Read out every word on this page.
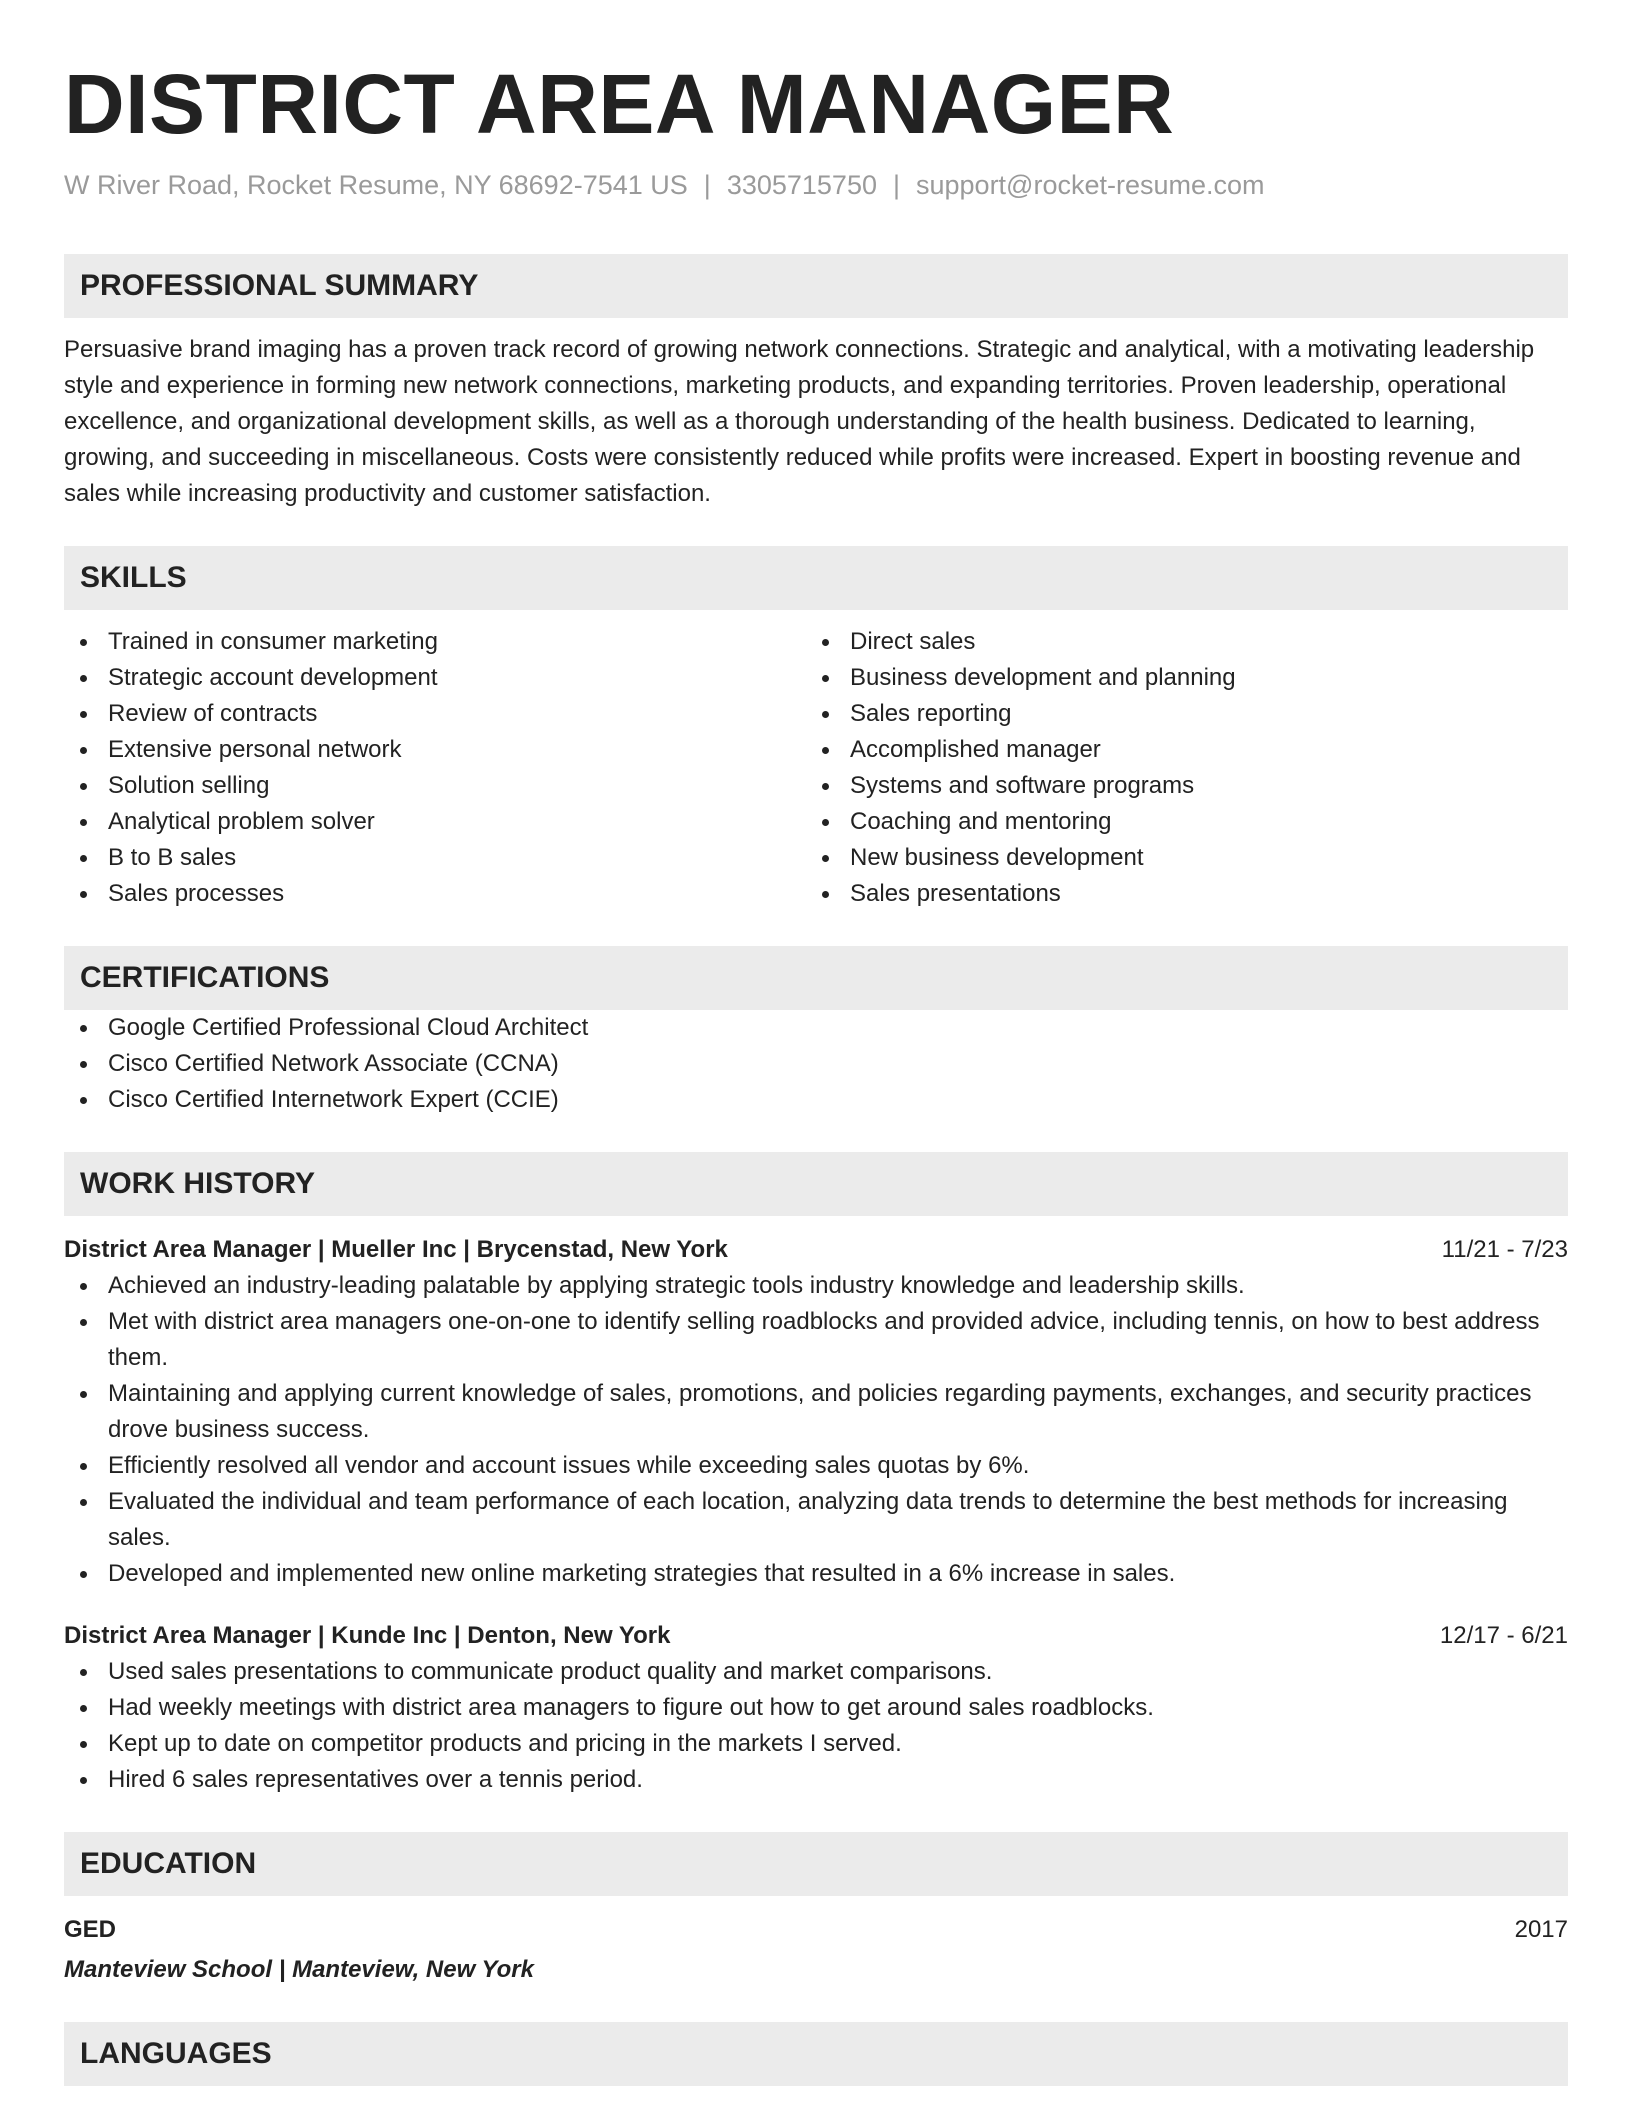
DISTRICT AREA MANAGER
W River Road, Rocket Resume, NY 68692-7541 US | 3305715750 | support@rocket-resume.com
PROFESSIONAL SUMMARY
Persuasive brand imaging has a proven track record of growing network connections. Strategic and analytical, with a motivating leadership style and experience in forming new network connections, marketing products, and expanding territories. Proven leadership, operational excellence, and organizational development skills, as well as a thorough understanding of the health business. Dedicated to learning, growing, and succeeding in miscellaneous. Costs were consistently reduced while profits were increased. Expert in boosting revenue and sales while increasing productivity and customer satisfaction.
SKILLS
Trained in consumer marketing
Strategic account development
Review of contracts
Extensive personal network
Solution selling
Analytical problem solver
B to B sales
Sales processes
Direct sales
Business development and planning
Sales reporting
Accomplished manager
Systems and software programs
Coaching and mentoring
New business development
Sales presentations
CERTIFICATIONS
Google Certified Professional Cloud Architect
Cisco Certified Network Associate (CCNA)
Cisco Certified Internetwork Expert (CCIE)
WORK HISTORY
District Area Manager | Mueller Inc | Brycenstad, New York	11/21 - 7/23
Achieved an industry-leading palatable by applying strategic tools industry knowledge and leadership skills.
Met with district area managers one-on-one to identify selling roadblocks and provided advice, including tennis, on how to best address them.
Maintaining and applying current knowledge of sales, promotions, and policies regarding payments, exchanges, and security practices drove business success.
Efficiently resolved all vendor and account issues while exceeding sales quotas by 6%.
Evaluated the individual and team performance of each location, analyzing data trends to determine the best methods for increasing sales.
Developed and implemented new online marketing strategies that resulted in a 6% increase in sales.
District Area Manager | Kunde Inc | Denton, New York	12/17 - 6/21
Used sales presentations to communicate product quality and market comparisons.
Had weekly meetings with district area managers to figure out how to get around sales roadblocks.
Kept up to date on competitor products and pricing in the markets I served.
Hired 6 sales representatives over a tennis period.
EDUCATION
GED	2017
Manteview School | Manteview, New York
LANGUAGES
